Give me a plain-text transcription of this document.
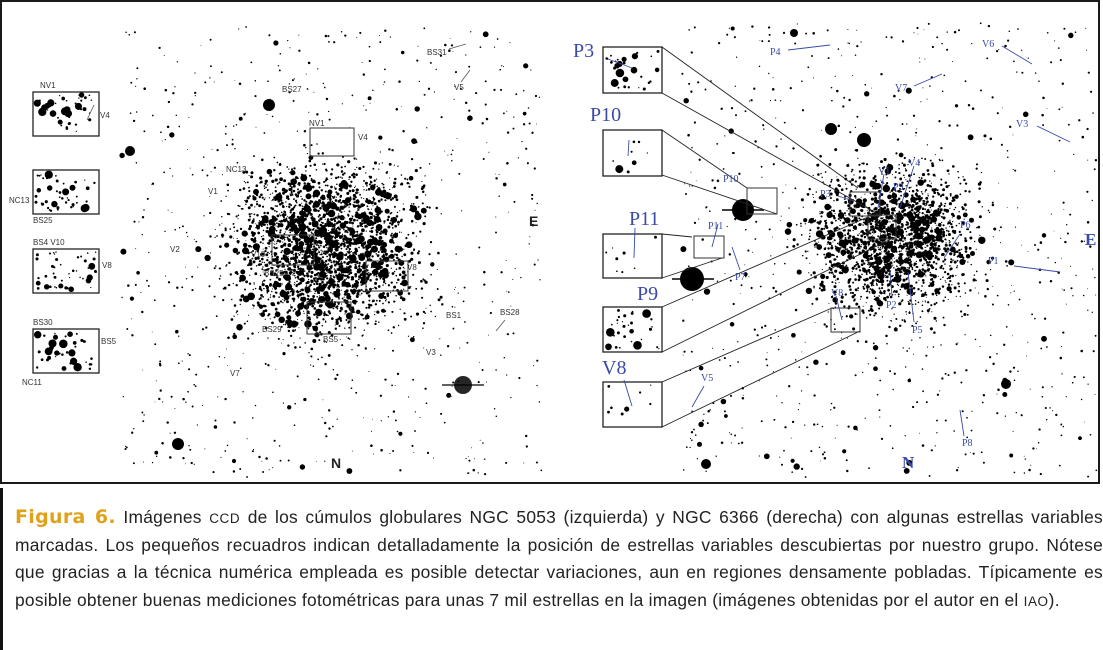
BS31
V5
BS27
NV1
V4
NC13
V1
V2
V8
BS25
BS29
BS28
V3
V7
V10
BS5
BS1
E
N
NV1
V4
NC13
BS25
BS4 V10
V8
BS30
BS5
NC11
P4
V6
V7
V3
P10
P3
V1
V4
P9
P6
P11
P7
P1
V8
P2
P5
V5
P8
E
N
P3
P10
P11
P9
V8
Figura 6. Imágenes CCD de los cúmulos globulares NGC 5053 (izquierda) y NGC 6366 (derecha) con algunas estrellas variables marcadas. Los pequeños recuadros indican detalladamente la posición de estrellas variables descubiertas por nuestro grupo. Nótese que gracias a la técnica numérica empleada es posible detectar variaciones, aun en regiones densamente pobladas. Típicamente es posible obtener buenas mediciones fotométricas para unas 7 mil estrellas en la imagen (imágenes obtenidas por el autor en el IAO).
